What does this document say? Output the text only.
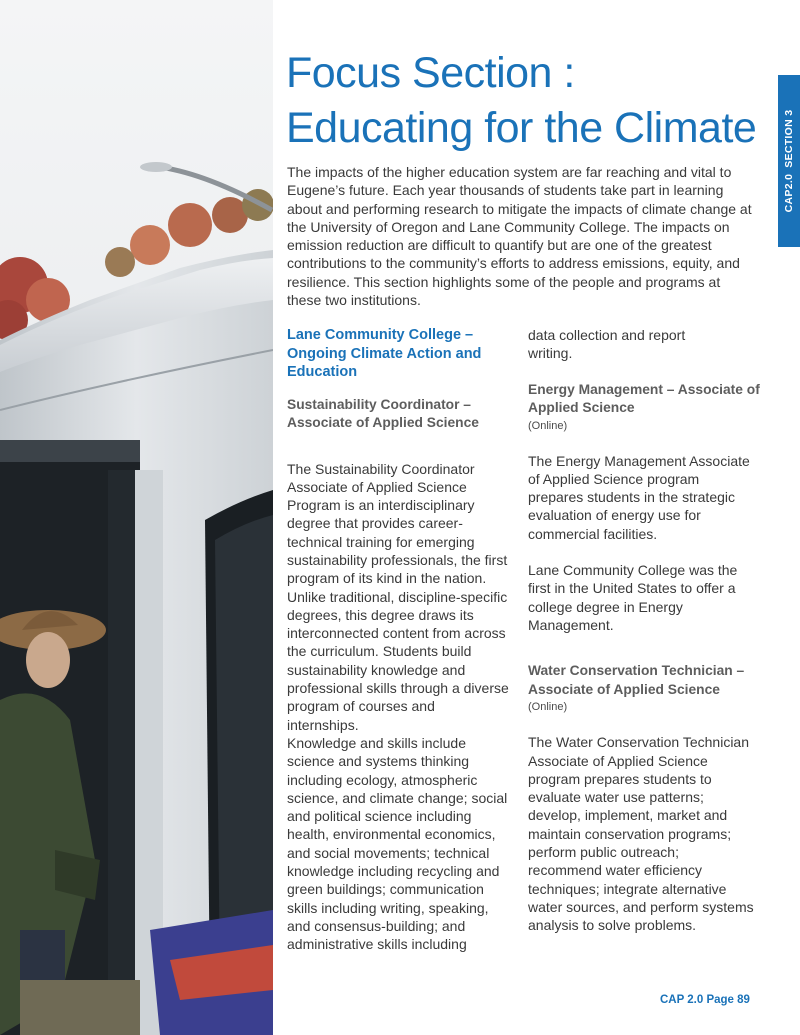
CAP2.0SECTION 3
Focus Section :
Educating for the Climate

The impacts of the higher education system are far reaching and vital to Eugene’s future. Each year thousands of students take part in learning about and performing research to mitigate the impacts of climate change at the University of Oregon and Lane Community College. The impacts on emission reduction are difficult to quantify but are one of the greatest contributions to the community’s efforts to address emissions, equity, and resilience. This section highlights some of the people and programs at these two institutions.

Lane Community College – Ongoing Climate Action and Education

Sustainability Coordinator – Associate of Applied Science

The Sustainability Coordinator Associate of Applied Science Program is an interdisciplinary degree that provides career-technical training for emerging sustainability professionals, the first program of its kind in the nation. Unlike traditional, discipline-specific degrees, this degree draws its interconnected content from across the curriculum. Students build sustainability knowledge and professional skills through a diverse program of courses and internships.

Knowledge and skills include science and systems thinking including ecology, atmospheric science, and climate change; social and political science including health, environmental economics, and social movements; technical knowledge including recycling and green buildings; communication skills including writing, speaking, and consensus-building; and administrative skills including

data collection and report writing.

Energy Management – Associate of Applied Science

(Online)

The Energy Management Associate of Applied Science program prepares students in the strategic evaluation of energy use for commercial facilities.

Lane Community College was the first in the United States to offer a college degree in Energy Management.

Water Conservation Technician – Associate of Applied Science

(Online)

The Water Conservation Technician Associate of Applied Science program prepares students to evaluate water use patterns; develop, implement, market and maintain conservation programs; perform public outreach; recommend water efficiency techniques; integrate alternative water sources, and perform systems analysis to solve problems.

CAP 2.0 Page 89
